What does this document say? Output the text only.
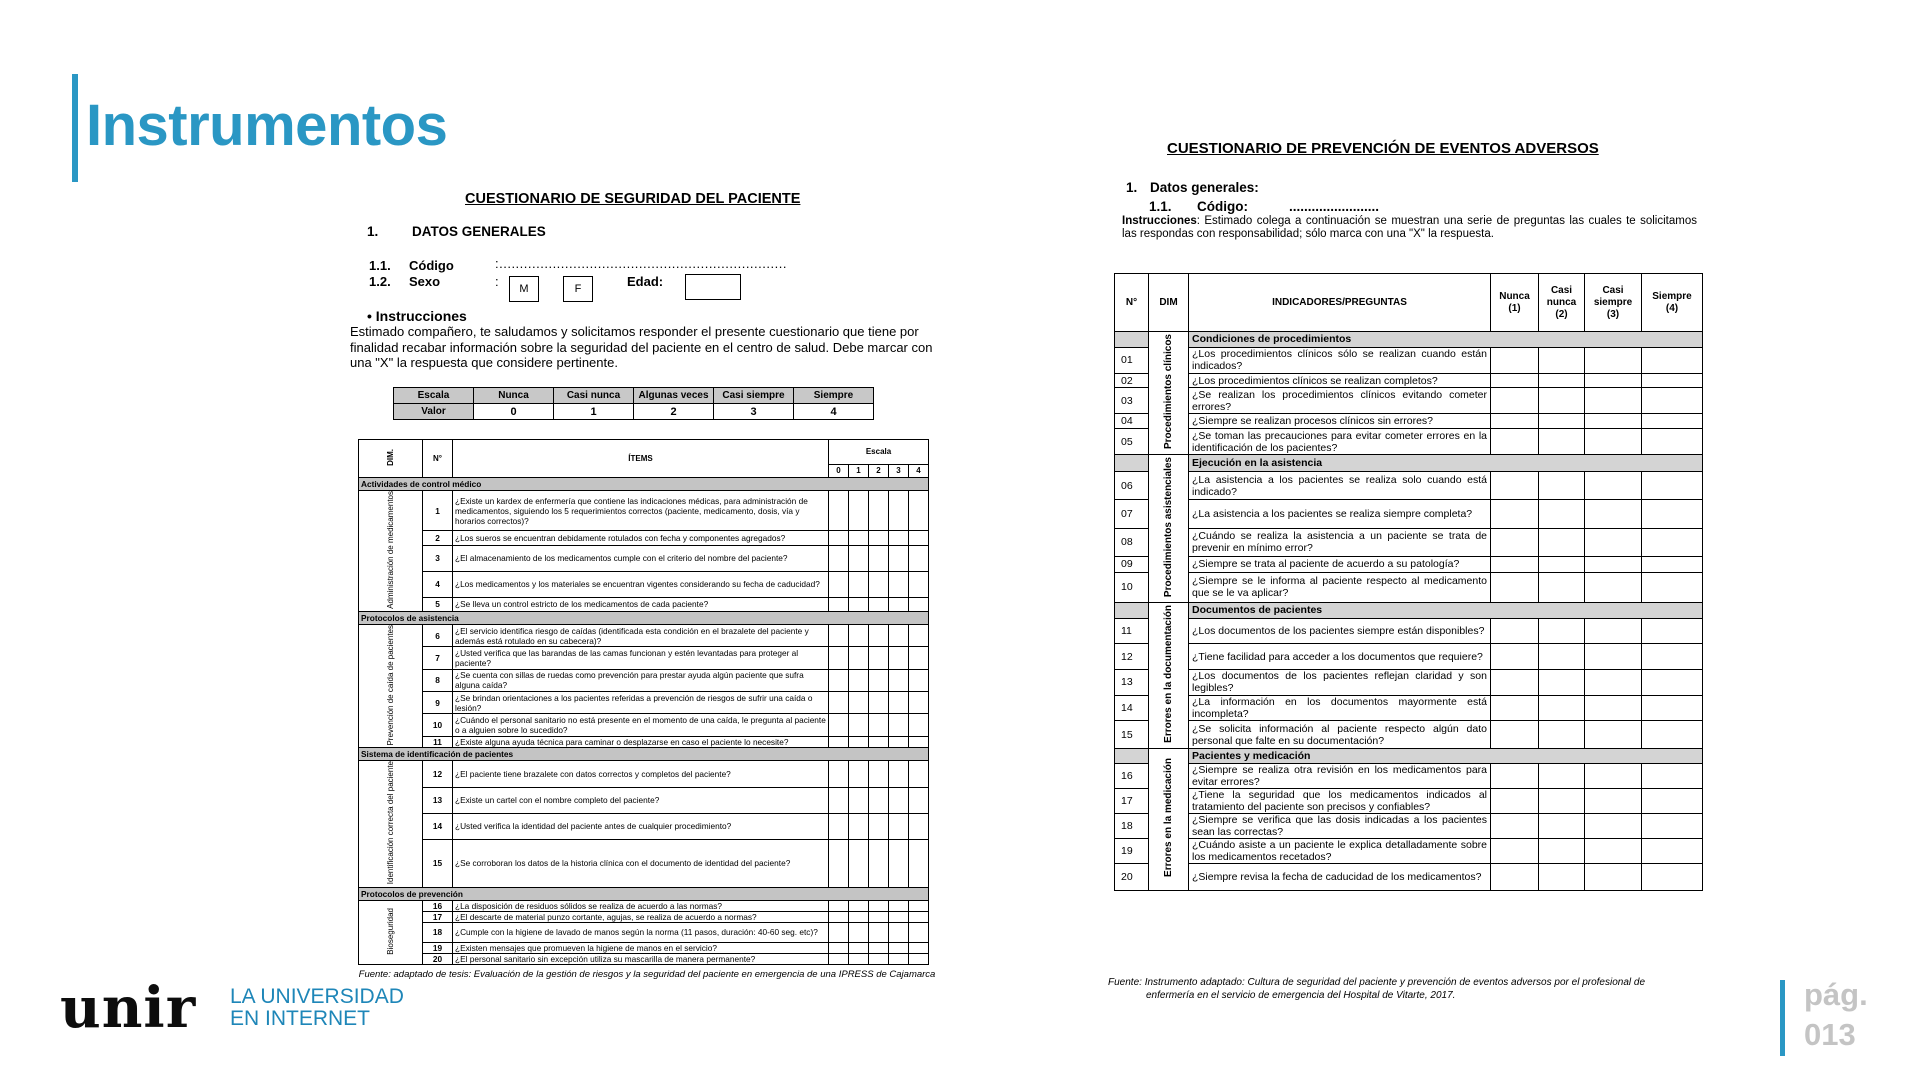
Instrumentos
CUESTIONARIO DE SEGURIDAD DEL PACIENTE
1. DATOS GENERALES
1.1. Código	:......................................................................
1.2. Sexo	:	M	F	Edad:
• Instrucciones
Estimado compañero, te saludamos y solicitamos responder el presente cuestionario que tiene por finalidad recabar información sobre la seguridad del paciente en el centro de salud. Debe marcar con una "X" la respuesta que considere pertinente.
Escala	Nunca	Casi nunca	Algunas veces	Casi siempre	Siempre
Valor	0	1	2	3	4
DIM.	N°	ÍTEMS	Escala				
			0	1	2	3	4
Actividades de control médico							
Administración de medicamentos	1	¿Existe un kardex de enfermería que contiene las indicaciones médicas, para administración de medicamentos, siguiendo los 5 requerimientos correctos (paciente, medicamento, dosis, vía y horarios correctos)?					
	2	¿Los sueros se encuentran debidamente rotulados con fecha y componentes agregados?					
	3	¿El almacenamiento de los medicamentos cumple con el criterio del nombre del paciente?					
	4	¿Los medicamentos y los materiales se encuentran vigentes considerando su fecha de caducidad?					
	5	¿Se lleva un control estricto de los medicamentos de cada paciente?					
Protocolos de asistencia							
Prevención de caída de pacientes	6	¿El servicio identifica riesgo de caídas (identificada esta condición en el brazalete del paciente y además está rotulado en su cabecera)?					
	7	¿Usted verifica que las barandas de las camas funcionan y estén levantadas para proteger al paciente?					
	8	¿Se cuenta con sillas de ruedas como prevención para prestar ayuda algún paciente que sufra alguna caída?					
	9	¿Se brindan orientaciones a los pacientes referidas a prevención de riesgos de sufrir una caída o lesión?					
	10	¿Cuándo el personal sanitario no está presente en el momento de una caída, le pregunta al paciente o a alguien sobre lo sucedido?					
	11	¿Existe alguna ayuda técnica para caminar o desplazarse en caso el paciente lo necesite?					
Sistema de identificación de pacientes							
Identificación correcta del paciente	12	¿El paciente tiene brazalete con datos correctos y completos del paciente?					
	13	¿Existe un cartel con el nombre completo del paciente?					
	14	¿Usted verifica la identidad del paciente antes de cualquier procedimiento?					
	15	¿Se corroboran los datos de la historia clínica con el documento de identidad del paciente?					
Protocolos de prevención							
Bioseguridad	16	¿La disposición de residuos sólidos se realiza de acuerdo a las normas?					
	17	¿El descarte de material punzo cortante, agujas, se realiza de acuerdo a normas?					
	18	¿Cumple con la higiene de lavado de manos según la norma (11 pasos, duración: 40-60 seg. etc)?					
	19	¿Existen mensajes que promueven la higiene de manos en el servicio?					
	20	¿El personal sanitario sin excepción utiliza su mascarilla de manera permanente?					
Fuente: adaptado de tesis: Evaluación de la gestión de riesgos y la seguridad del paciente en emergencia de una IPRESS de Cajamarca
CUESTIONARIO DE PREVENCIÓN DE EVENTOS ADVERSOS
1. Datos generales:
1.1. Código:	........................
Instrucciones: Estimado colega a continuación se muestran una serie de preguntas las cuales te solicitamos las respondas con responsabilidad; sólo marca con una "X" la respuesta.
N°	DIM	INDICADORES/PREGUNTAS	Nunca (1)	Casi nunca (2)	Casi siempre (3)	Siempre (4)
	Procedimientos clínicos	Condiciones de procedimientos				
01		¿Los procedimientos clínicos sólo se realizan cuando están indicados?				
02		¿Los procedimientos clínicos se realizan completos?				
03		¿Se realizan los procedimientos clínicos evitando cometer errores?				
04		¿Siempre se realizan procesos clínicos sin errores?				
05		¿Se toman las precauciones para evitar cometer errores en la identificación de los pacientes?				
	Procedimientos asistenciales	Ejecución en la asistencia				
06		¿La asistencia a los pacientes se realiza solo cuando está indicado?				
07		¿La asistencia a los pacientes se realiza siempre completa?				
08		¿Cuándo se realiza la asistencia a un paciente se trata de prevenir en mínimo error?				
09		¿Siempre se trata al paciente de acuerdo a su patología?				
10		¿Siempre se le informa al paciente respecto al medicamento que se le va aplicar?				
	Errores en la documentación	Documentos de pacientes				
11		¿Los documentos de los pacientes siempre están disponibles?				
12		¿Tiene facilidad para acceder a los documentos que requiere?				
13		¿Los documentos de los pacientes reflejan claridad y son legibles?				
14		¿La información en los documentos mayormente está incompleta?				
15		¿Se solicita información al paciente respecto algún dato personal que falte en su documentación?				
	Errores en la medicación	Pacientes y medicación				
16		¿Siempre se realiza otra revisión en los medicamentos para evitar errores?				
17		¿Tiene la seguridad que los medicamentos indicados al tratamiento del paciente son precisos y confiables?				
18		¿Siempre se verifica que las dosis indicadas a los pacientes sean las correctas?				
19		¿Cuándo asiste a un paciente le explica detalladamente sobre los medicamentos recetados?				
20		¿Siempre revisa la fecha de caducidad de los medicamentos?				
Fuente: Instrumento adaptado: Cultura de seguridad del paciente y prevención de eventos adversos por el profesional de
enfermería en el servicio de emergencia del Hospital de Vitarte, 2017.
unir LA UNIVERSIDAD
EN INTERNET
pág.
013
